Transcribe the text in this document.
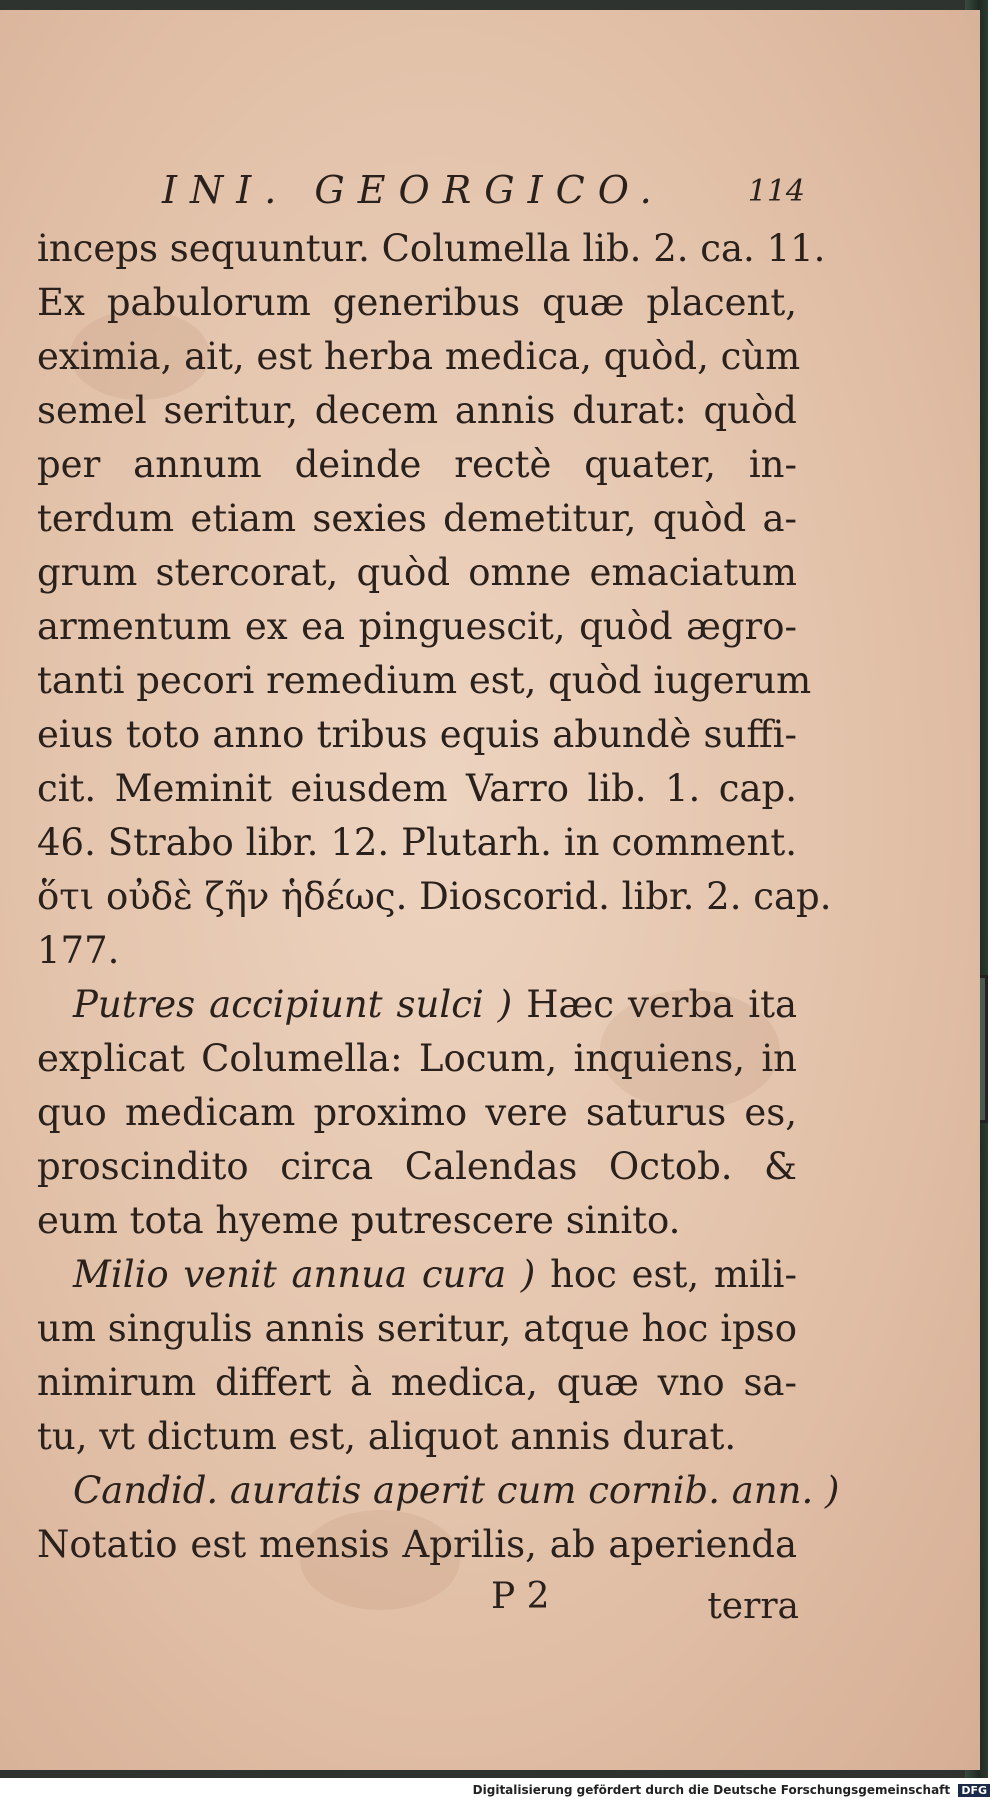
INI. GEORGICO.	114
inceps sequuntur. Columella lib. 2. ca. 11.
Ex pabulorum generibus quæ placent,
eximia, ait, est herba medica, quòd, cùm
semel seritur, decem annis durat: quòd
per annum deinde rectè quater, in-
terdum etiam sexies demetitur, quòd a-
grum stercorat, quòd omne emaciatum
armentum ex ea pinguescit, quòd ægro-
tanti pecori remedium est, quòd iugerum
eius toto anno tribus equis abundè suffi-
cit. Meminit eiusdem Varro lib. 1. cap.
46. Strabo libr. 12. Plutarh. in comment.
ὅτι οὐδὲ ζῆν ἡδέως. Dioscorid. libr. 2. cap.
177.
Putres accipiunt sulci ) Hæc verba ita
explicat Columella: Locum, inquiens, in
quo medicam proximo vere saturus es,
proscindito circa Calendas Octob. &
eum tota hyeme putrescere sinito.
Milio venit annua cura ) hoc est, mili-
um singulis annis seritur, atque hoc ipso
nimirum differt à medica, quæ vno sa-
tu, vt dictum est, aliquot annis durat.
Candid. auratis aperit cum cornib. ann. )
Notatio est mensis Aprilis, ab aperienda
P 2	terra
Digitalisierung gefördert durch die Deutsche Forschungsgemeinschaft DFG
